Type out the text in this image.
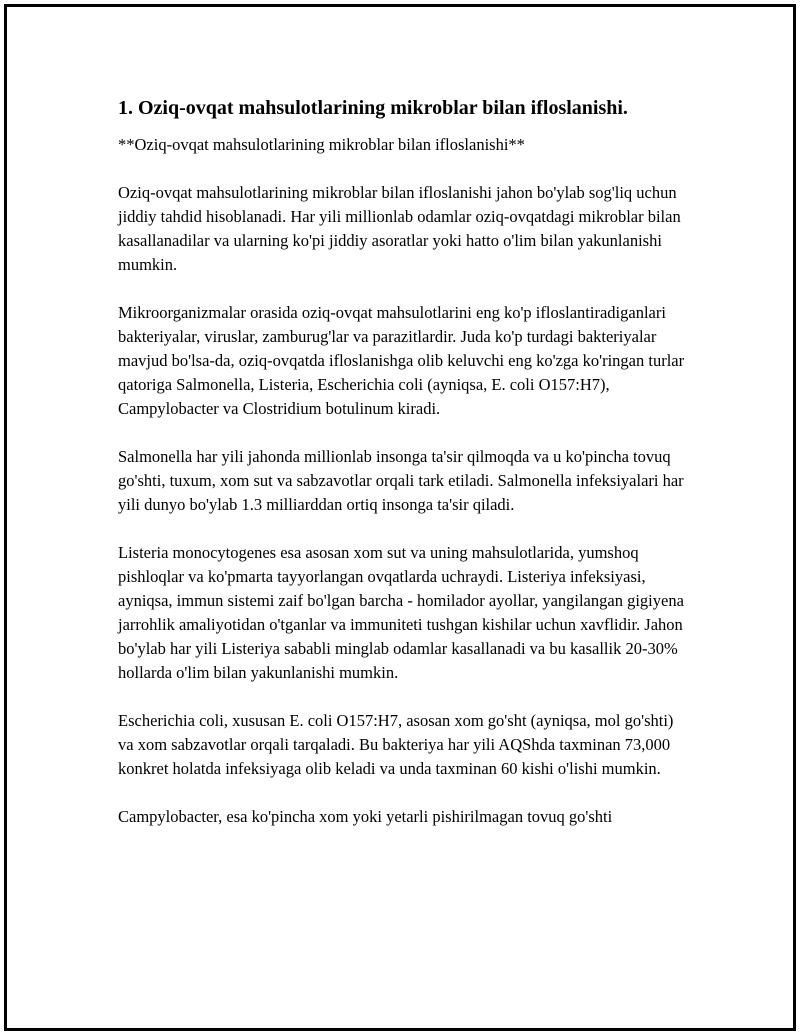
1. Oziq-ovqat mahsulotlarining mikroblar bilan ifloslanishi.

**Oziq-ovqat mahsulotlarining mikroblar bilan ifloslanishi**

Oziq-ovqat mahsulotlarining mikroblar bilan ifloslanishi jahon bo'ylab sog'liq uchun jiddiy tahdid hisoblanadi. Har yili millionlab odamlar oziq-ovqatdagi mikroblar bilan kasallanadilar va ularning ko'pi jiddiy asoratlar yoki hatto o'lim bilan yakunlanishi mumkin.

Mikroorganizmalar orasida oziq-ovqat mahsulotlarini eng ko'p ifloslantiradiganlari bakteriyalar, viruslar, zamburug'lar va parazitlardir. Juda ko'p turdagi bakteriyalar mavjud bo'lsa-da, oziq-ovqatda ifloslanishga olib keluvchi eng ko'zga ko'ringan turlar qatoriga Salmonella, Listeria, Escherichia coli (ayniqsa, E. coli O157:H7), Campylobacter va Clostridium botulinum kiradi.

Salmonella har yili jahonda millionlab insonga ta'sir qilmoqda va u ko'pincha tovuq go'shti, tuxum, xom sut va sabzavotlar orqali tark etiladi. Salmonella infeksiyalari har yili dunyo bo'ylab 1.3 milliarddan ortiq insonga ta'sir qiladi.

Listeria monocytogenes esa asosan xom sut va uning mahsulotlarida, yumshoq pishloqlar va ko'pmarta tayyorlangan ovqatlarda uchraydi. Listeriya infeksiyasi, ayniqsa, immun sistemi zaif bo'lgan barcha - homilador ayollar, yangilangan gigiyena jarrohlik amaliyotidan o'tganlar va immuniteti tushgan kishilar uchun xavflidir. Jahon bo'ylab har yili Listeriya sababli minglab odamlar kasallanadi va bu kasallik 20-30% hollarda o'lim bilan yakunlanishi mumkin.

Escherichia coli, xususan E. coli O157:H7, asosan xom go'sht (ayniqsa, mol go'shti) va xom sabzavotlar orqali tarqaladi. Bu bakteriya har yili AQShda taxminan 73,000 konkret holatda infeksiyaga olib keladi va unda taxminan 60 kishi o'lishi mumkin.

Campylobacter, esa ko'pincha xom yoki yetarli pishirilmagan tovuq go'shti
